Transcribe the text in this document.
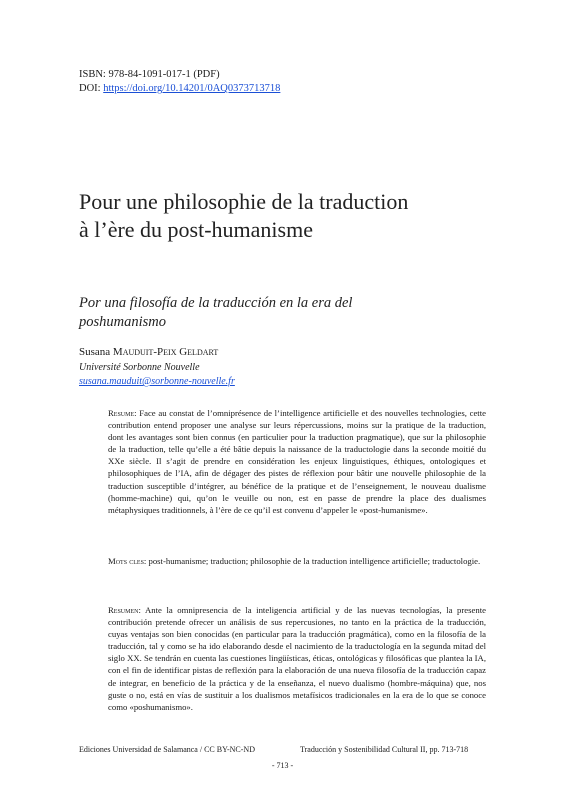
ISBN: 978-84-1091-017-1 (PDF)
DOI: https://doi.org/10.14201/0AQ0373713718
Pour une philosophie de la traduction à l’ère du post-humanisme
Por una filosofía de la traducción en la era del poshumanismo
Susana Mauduit-Peix Geldart
Université Sorbonne Nouvelle
susana.mauduit@sorbonne-nouvelle.fr
Resume: Face au constat de l’omniprésence de l’intelligence artificielle et des nouvelles technologies, cette contribution entend proposer une analyse sur leurs répercussions, moins sur la pratique de la traduction, dont les avantages sont bien connus (en particulier pour la traduction pragmatique), que sur la philosophie de la traduction, telle qu’elle a été bâtie depuis la naissance de la traductologie dans la seconde moitié du XXe siècle. Il s’agit de prendre en considération les enjeux linguistiques, éthiques, ontologiques et philosophiques de l’IA, afin de dégager des pistes de réflexion pour bâtir une nouvelle philosophie de la traduction susceptible d’intégrer, au bénéfice de la pratique et de l’enseignement, le nouveau dualisme (homme-machine) qui, qu’on le veuille ou non, est en passe de prendre la place des dualismes métaphysiques traditionnels, à l’ère de ce qu’il est convenu d’appeler le «post-humanisme».
Mots cles: post-humanisme; traduction; philosophie de la traduction intelligence artificielle; traductologie.
Resumen: Ante la omnipresencia de la inteligencia artificial y de las nuevas tecnologías, la presente contribución pretende ofrecer un análisis de sus repercusiones, no tanto en la práctica de la traducción, cuyas ventajas son bien conocidas (en particular para la traducción pragmática), como en la filosofía de la traducción, tal y como se ha ido elaborando desde el nacimiento de la traductología en la segunda mitad del siglo XX. Se tendrán en cuenta las cuestiones lingüísticas, éticas, ontológicas y filosóficas que plantea la IA, con el fin de identificar pistas de reflexión para la elaboración de una nueva filosofía de la traducción capaz de integrar, en beneficio de la práctica y de la enseñanza, el nuevo dualismo (hombre-máquina) que, nos guste o no, está en vías de sustituir a los dualismos metafísicos tradicionales en la era de lo que se conoce como «poshumanismo».
Ediciones Universidad de Salamanca / CC BY-NC-ND	Traducción y Sostenibilidad Cultural II, pp. 713-718
- 713 -
